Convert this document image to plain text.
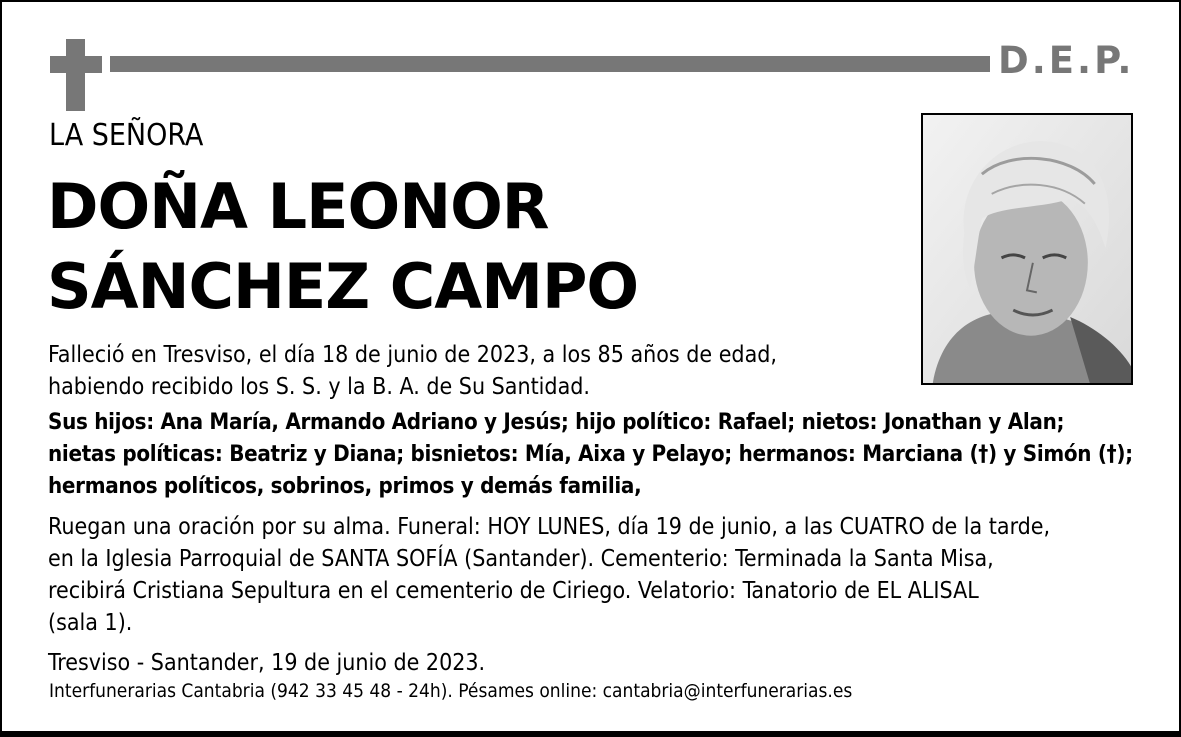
D.E.P.
LA SEÑORA
DOÑA LEONOR
SÁNCHEZ CAMPO
Falleció en Tresviso, el día 18 de junio de 2023, a los 85 años de edad,
habiendo recibido los S. S. y la B. A. de Su Santidad.
Sus hijos: Ana María, Armando Adriano y Jesús; hijo político: Rafael; nietos: Jonathan y Alan;
nietas políticas: Beatriz y Diana; bisnietos: Mía, Aixa y Pelayo; hermanos: Marciana (†) y Simón (†);
hermanos políticos, sobrinos, primos y demás familia,
Ruegan una oración por su alma. Funeral: HOY LUNES, día 19 de junio, a las CUATRO de la tarde,
en la Iglesia Parroquial de SANTA SOFÍA (Santander). Cementerio: Terminada la Santa Misa,
recibirá Cristiana Sepultura en el cementerio de Ciriego. Velatorio: Tanatorio de EL ALISAL
(sala 1).
Tresviso - Santander, 19 de junio de 2023.
Interfunerarias Cantabria (942 33 45 48 - 24h). Pésames online: cantabria@interfunerarias.es
